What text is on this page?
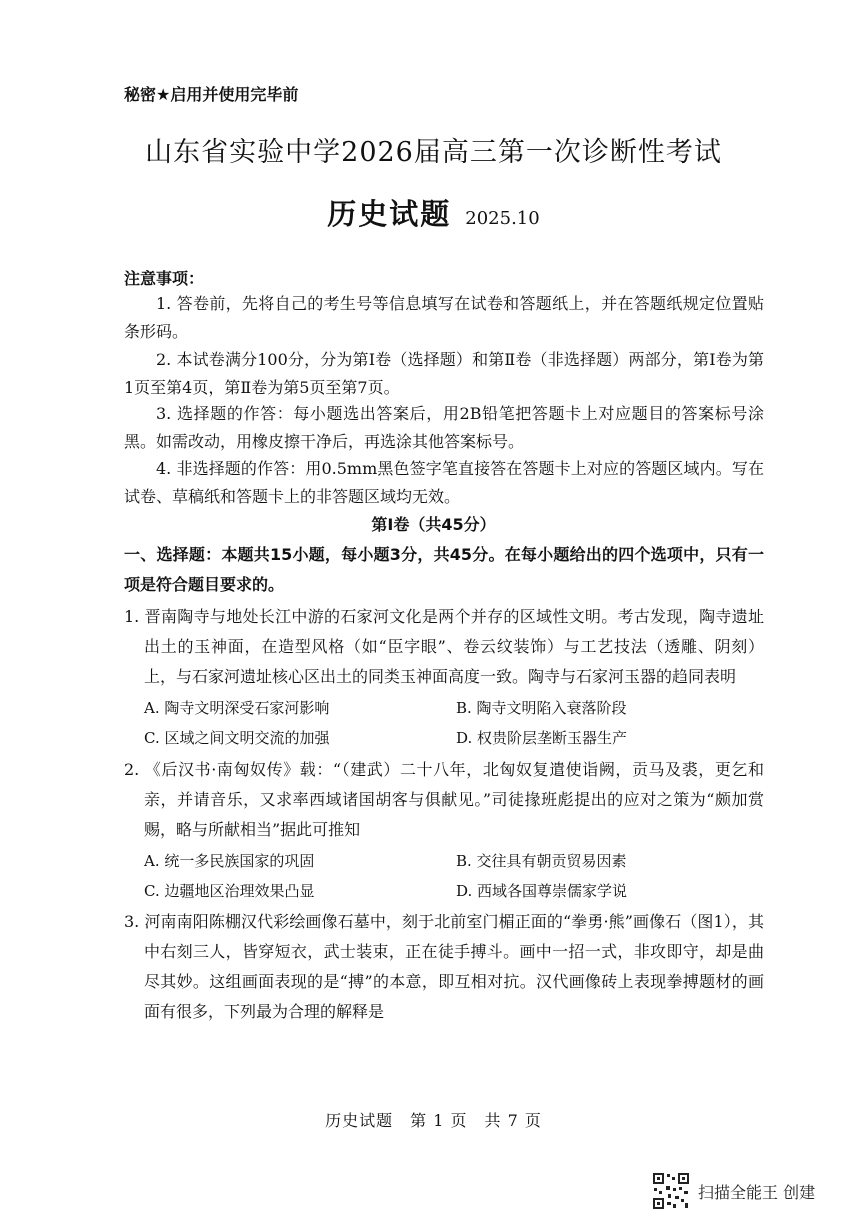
秘密★启用并使用完毕前
山东省实验中学2026届高三第一次诊断性考试
历史试题 2025.10
注意事项：
1. 答卷前，先将自己的考生号等信息填写在试卷和答题纸上，并在答题纸规定位置贴条形码。
2. 本试卷满分100分，分为第Ⅰ卷（选择题）和第Ⅱ卷（非选择题）两部分，第Ⅰ卷为第1页至第4页，第Ⅱ卷为第5页至第7页。
3. 选择题的作答：每小题选出答案后，用2B铅笔把答题卡上对应题目的答案标号涂黑。如需改动，用橡皮擦干净后，再选涂其他答案标号。
4. 非选择题的作答：用0.5mm黑色签字笔直接答在答题卡上对应的答题区域内。写在试卷、草稿纸和答题卡上的非答题区域均无效。
第Ⅰ卷（共45分）
一、选择题：本题共15小题，每小题3分，共45分。在每小题给出的四个选项中，只有一项是符合题目要求的。
1. 晋南陶寺与地处长江中游的石家河文化是两个并存的区域性文明。考古发现，陶寺遗址出土的玉神面，在造型风格（如“臣字眼”、卷云纹装饰）与工艺技法（透雕、阴刻）上，与石家河遗址核心区出土的同类玉神面高度一致。陶寺与石家河玉器的趋同表明
A. 陶寺文明深受石家河影响	B. 陶寺文明陷入衰落阶段
C. 区域之间文明交流的加强	D. 权贵阶层垄断玉器生产
2. 《后汉书·南匈奴传》载：“（建武）二十八年，北匈奴复遣使诣阙，贡马及裘，更乞和亲，并请音乐，又求率西域诸国胡客与俱献见。”司徒掾班彪提出的应对之策为“颇加赏赐，略与所献相当”据此可推知
A. 统一多民族国家的巩固	B. 交往具有朝贡贸易因素
C. 边疆地区治理效果凸显	D. 西域各国尊崇儒家学说
3. 河南南阳陈棚汉代彩绘画像石墓中，刻于北前室门楣正面的“拳勇·熊”画像石（图1），其中右刻三人，皆穿短衣，武士装束，正在徒手搏斗。画中一招一式，非攻即守，却是曲尽其妙。这组画面表现的是“搏”的本意，即互相对抗。汉代画像砖上表现拳搏题材的画面有很多，下列最为合理的解释是
历史试题　第 1 页　共 7 页
扫描全能王 创建
